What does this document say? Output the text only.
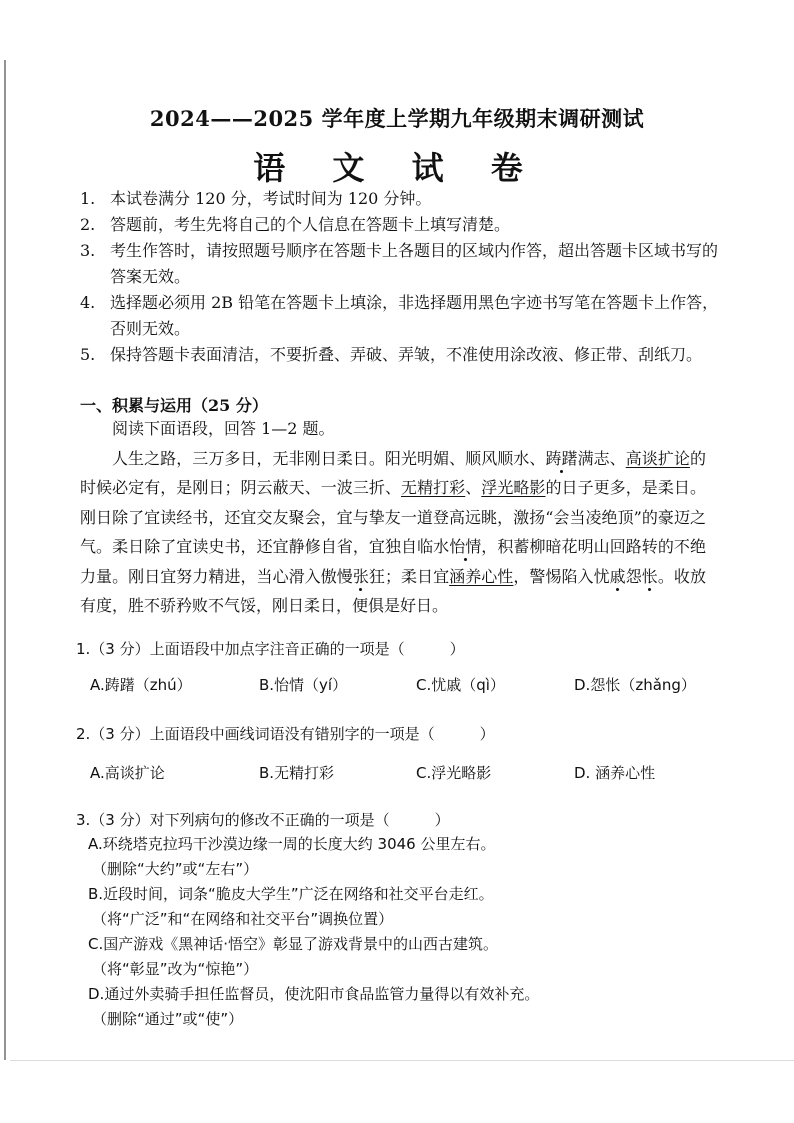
2024——2025 学年度上学期九年级期末调研测试
语 文 试 卷
1. 本试卷满分 120 分，考试时间为 120 分钟。
2. 答题前，考生先将自己的个人信息在答题卡上填写清楚。
3. 考生作答时，请按照题号顺序在答题卡上各题目的区域内作答，超出答题卡区域书写的答案无效。
4. 选择题必须用 2B 铅笔在答题卡上填涂，非选择题用黑色字迹书写笔在答题卡上作答，否则无效。
5. 保持答题卡表面清洁，不要折叠、弄破、弄皱，不准使用涂改液、修正带、刮纸刀。
一、积累与运用（25 分）

阅读下面语段，回答 1—2 题。

人生之路，三万多日，无非刚日柔日。阳光明媚、顺风顺水、踌躇满志、高谈扩论的时候必定有，是刚日；阴云蔽天、一波三折、无精打彩、浮光略影的日子更多，是柔日。刚日除了宜读经书，还宜交友聚会，宜与挚友一道登高远眺，激扬“会当凌绝顶”的豪迈之气。柔日除了宜读史书，还宜静修自省，宜独自临水怡情，积蓄柳暗花明山回路转的不绝力量。刚日宜努力精进，当心滑入傲慢张狂；柔日宜涵养心性，警惕陷入忧戚怨怅。收放有度，胜不骄矜败不气馁，刚日柔日，便俱是好日。

1.（3 分）上面语段中加点字注音正确的一项是（　　　）
A.踌躇（zhú）	B.怡情（yí）	C.忧戚（qì）	D.怨怅（zhǎng）
2.（3 分）上面语段中画线词语没有错别字的一项是（　　　）
A.高谈扩论	B.无精打彩	C.浮光略影	D. 涵养心性
3.（3 分）对下列病句的修改不正确的一项是（　　　）
A.环绕塔克拉玛干沙漠边缘一周的长度大约 3046 公里左右。
（删除“大约”或“左右”）
B.近段时间，词条“脆皮大学生”广泛在网络和社交平台走红。
（将“广泛”和“在网络和社交平台”调换位置）
C.国产游戏《黑神话·悟空》彰显了游戏背景中的山西古建筑。
（将“彰显”改为“惊艳”）
D.通过外卖骑手担任监督员，使沈阳市食品监管力量得以有效补充。
（删除“通过”或“使”）
